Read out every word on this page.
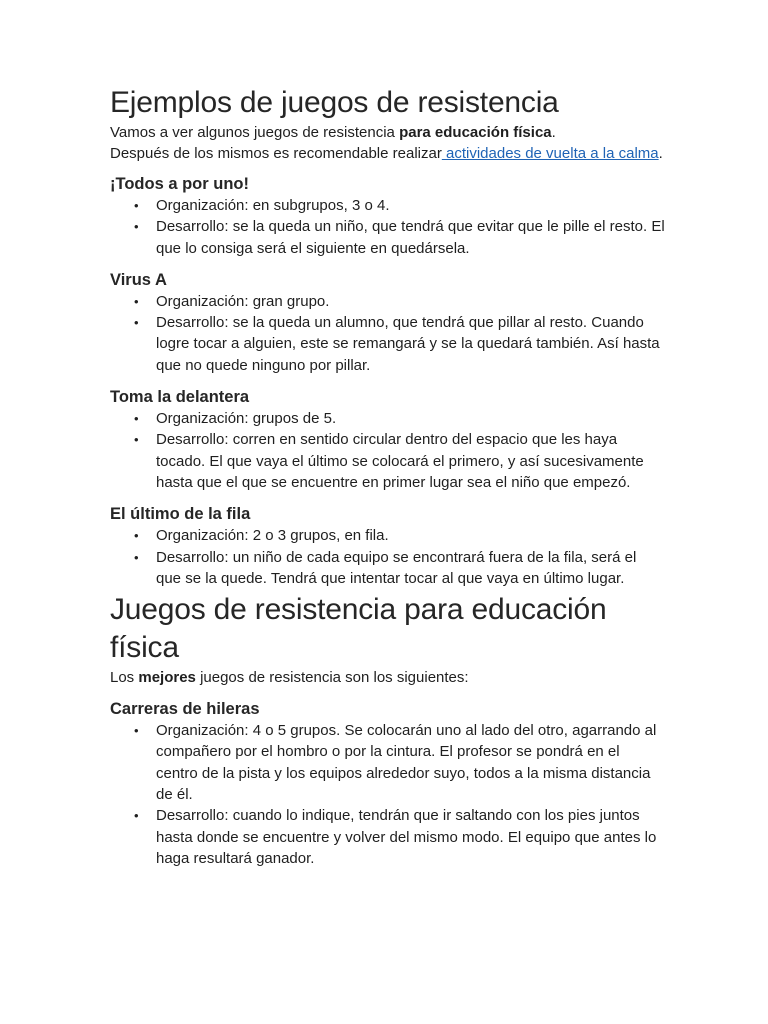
Ejemplos de juegos de resistencia

Vamos a ver algunos juegos de resistencia para educación física.
Después de los mismos es recomendable realizar actividades de vuelta a la calma.

¡Todos a por uno!
• Organización: en subgrupos, 3 o 4.
• Desarrollo: se la queda un niño, que tendrá que evitar que le pille el resto. El que lo consiga será el siguiente en quedársela.
Virus A
• Organización: gran grupo.
• Desarrollo: se la queda un alumno, que tendrá que pillar al resto. Cuando logre tocar a alguien, este se remangará y se la quedará también. Así hasta que no quede ninguno por pillar.
Toma la delantera
• Organización: grupos de 5.
• Desarrollo: corren en sentido circular dentro del espacio que les haya tocado. El que vaya el último se colocará el primero, y así sucesivamente hasta que el que se encuentre en primer lugar sea el niño que empezó.
El último de la fila
• Organización: 2 o 3 grupos, en fila.
• Desarrollo: un niño de cada equipo se encontrará fuera de la fila, será el que se la quede. Tendrá que intentar tocar al que vaya en último lugar.
Juegos de resistencia para educación física

Los mejores juegos de resistencia son los siguientes:

Carreras de hileras
• Organización: 4 o 5 grupos. Se colocarán uno al lado del otro, agarrando al compañero por el hombro o por la cintura. El profesor se pondrá en el centro de la pista y los equipos alrededor suyo, todos a la misma distancia de él.
• Desarrollo: cuando lo indique, tendrán que ir saltando con los pies juntos hasta donde se encuentre y volver del mismo modo. El equipo que antes lo haga resultará ganador.
